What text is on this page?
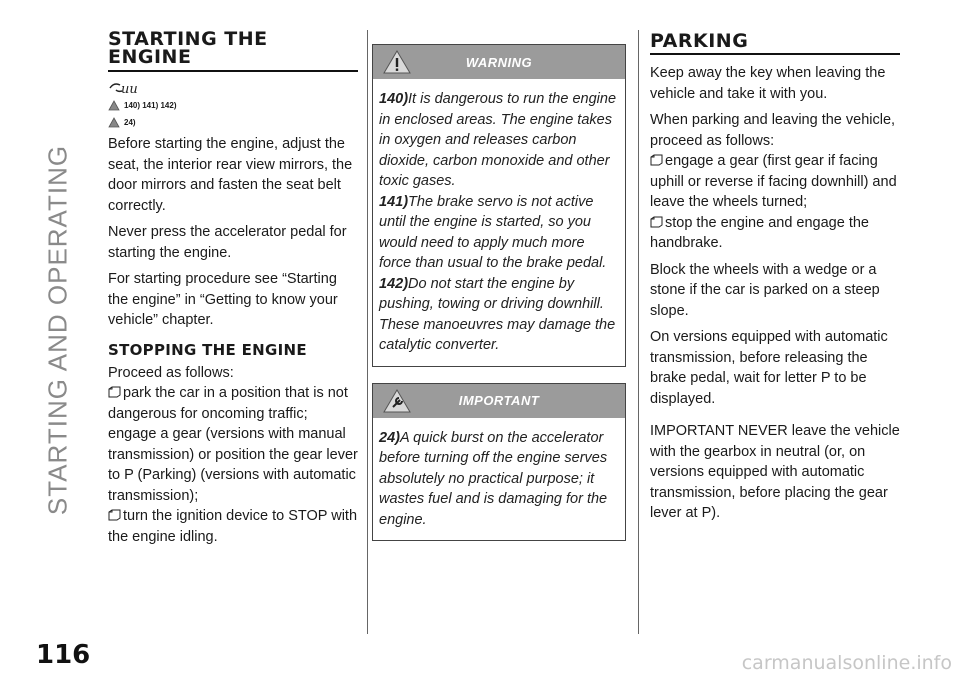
STARTING AND OPERATING
116	carmanualsonline.info
STARTING THE ENGINE
uu
140) 141) 142)
24)

Before starting the engine, adjust the seat, the interior rear view mirrors, the door mirrors and fasten the seat belt correctly.

Never press the accelerator pedal for starting the engine.

For starting procedure see “Starting the engine” in “Getting to know your vehicle” chapter.

STOPPING THE ENGINE

Proceed as follows:

park the car in a position that is not dangerous for oncoming traffic; engage a gear (versions with manual transmission) or position the gear lever to P (Parking) (versions with automatic transmission);

turn the ignition device to STOP with the engine idling.

WARNING

140)It is dangerous to run the engine in enclosed areas. The engine takes in oxygen and releases carbon dioxide, carbon monoxide and other toxic gases.

141)The brake servo is not active until the engine is started, so you would need to apply much more force than usual to the brake pedal.

142)Do not start the engine by pushing, towing or driving downhill. These manoeuvres may damage the catalytic converter.

IMPORTANT

24)A quick burst on the accelerator before turning off the engine serves absolutely no practical purpose; it wastes fuel and is damaging for the engine.

PARKING

Keep away the key when leaving the vehicle and take it with you.

When parking and leaving the vehicle, proceed as follows:

engage a gear (first gear if facing uphill or reverse if facing downhill) and leave the wheels turned;

stop the engine and engage the handbrake.

Block the wheels with a wedge or a stone if the car is parked on a steep slope.

On versions equipped with automatic transmission, before releasing the brake pedal, wait for letter P to be displayed.

IMPORTANT NEVER leave the vehicle with the gearbox in neutral (or, on versions equipped with automatic transmission, before placing the gear lever at P).
